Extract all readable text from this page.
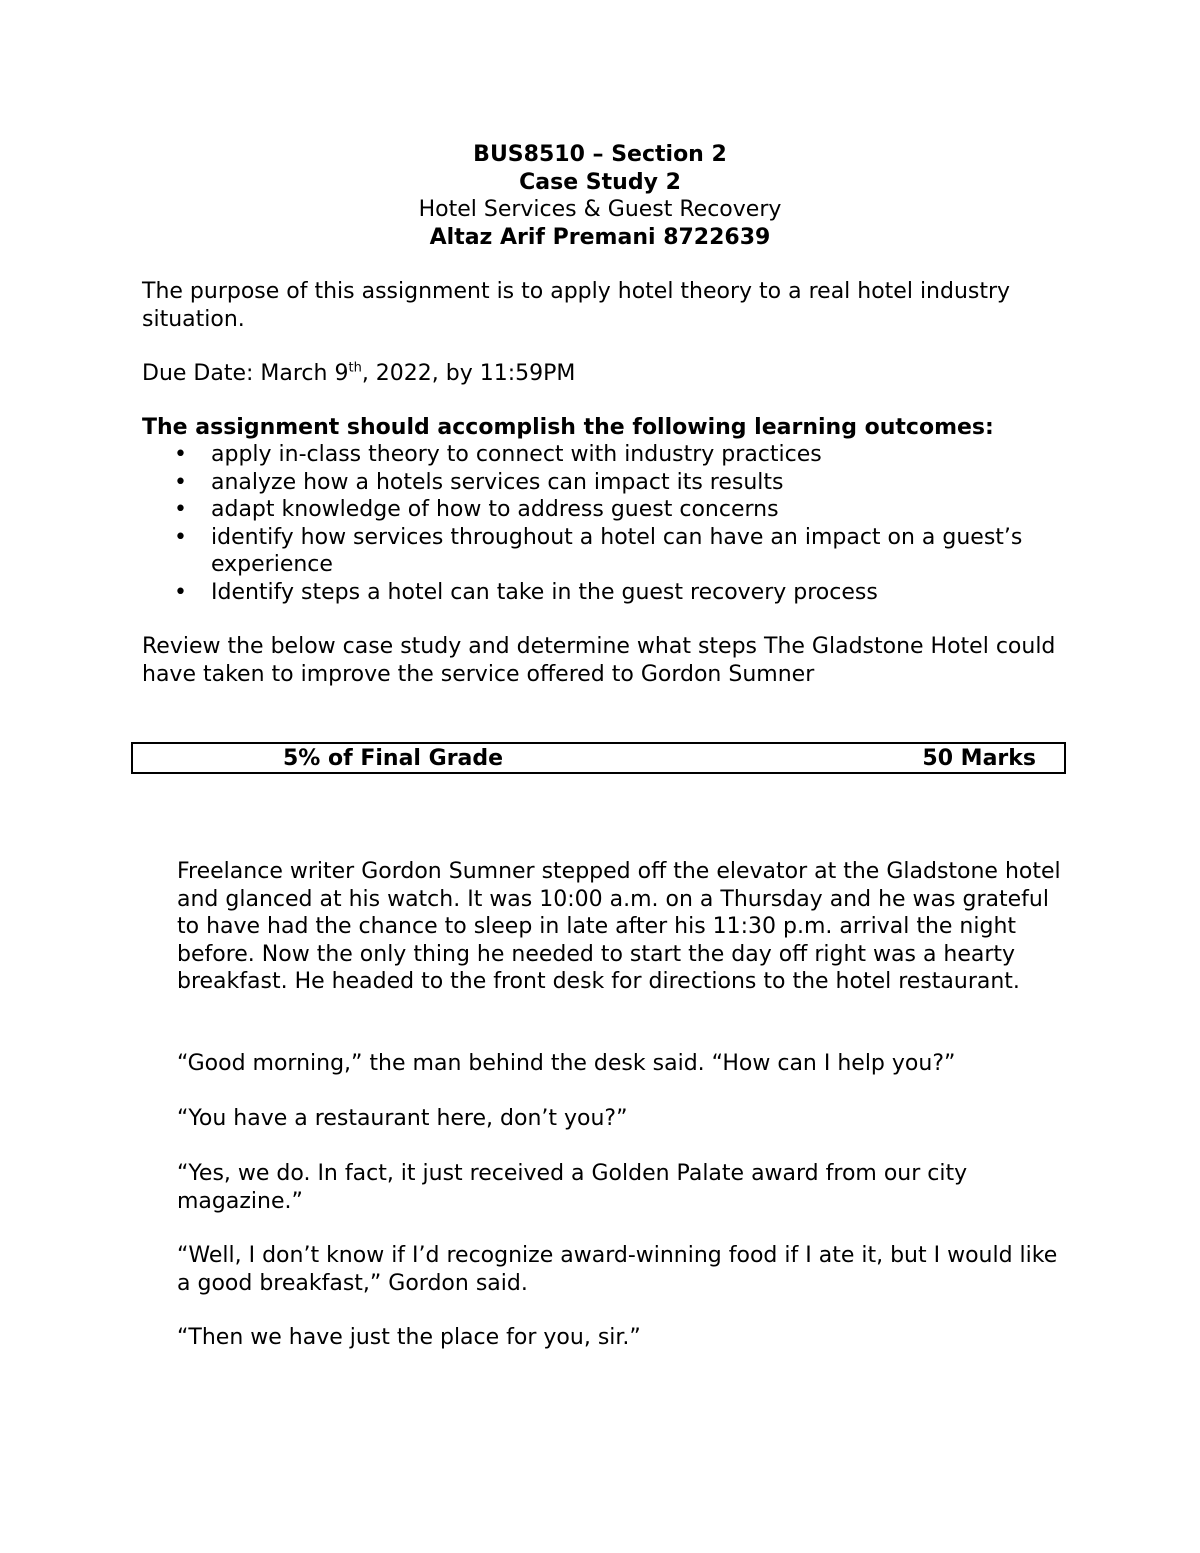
BUS8510 – Section 2
Case Study 2
Hotel Services & Guest Recovery
Altaz Arif Premani 8722639

The purpose of this assignment is to apply hotel theory to a real hotel industry situation.

Due Date: March 9th, 2022, by 11:59PM

The assignment should accomplish the following learning outcomes:

• apply in-class theory to connect with industry practices
• analyze how a hotels services can impact its results
• adapt knowledge of how to address guest concerns
• identify how services throughout a hotel can have an impact on a guest’s experience
• Identify steps a hotel can take in the guest recovery process

Review the below case study and determine what steps The Gladstone Hotel could have taken to improve the service offered to Gordon Sumner

5% of Final Grade	50 Marks

Freelance writer Gordon Sumner stepped off the elevator at the Gladstone hotel and glanced at his watch. It was 10:00 a.m. on a Thursday and he was grateful to have had the chance to sleep in late after his 11:30 p.m. arrival the night before. Now the only thing he needed to start the day off right was a hearty breakfast. He headed to the front desk for directions to the hotel restaurant.

“Good morning,” the man behind the desk said. “How can I help you?”

“You have a restaurant here, don’t you?”

“Yes, we do. In fact, it just received a Golden Palate award from our city magazine.”

“Well, I don’t know if I’d recognize award-winning food if I ate it, but I would like a good breakfast,” Gordon said.

“Then we have just the place for you, sir.”
